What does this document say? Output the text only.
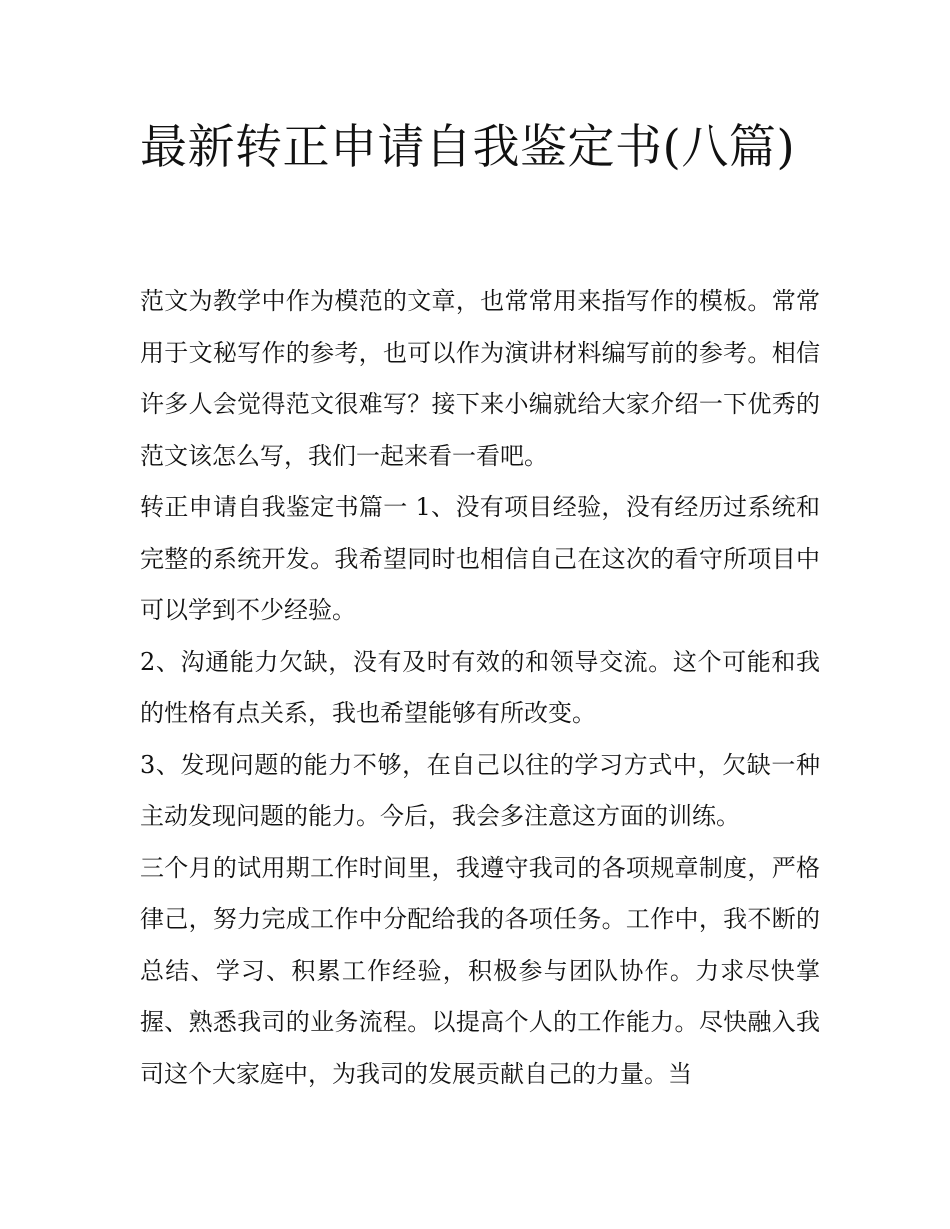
最新转正申请自我鉴定书(八篇)

范文为教学中作为模范的文章，也常常用来指写作的模板。常常用于文秘写作的参考，也可以作为演讲材料编写前的参考。相信许多人会觉得范文很难写？接下来小编就给大家介绍一下优秀的范文该怎么写，我们一起来看一看吧。

转正申请自我鉴定书篇一 1、没有项目经验，没有经历过系统和完整的系统开发。我希望同时也相信自己在这次的看守所项目中可以学到不少经验。

2、沟通能力欠缺，没有及时有效的和领导交流。这个可能和我的性格有点关系，我也希望能够有所改变。

3、发现问题的能力不够，在自己以往的学习方式中，欠缺一种主动发现问题的能力。今后，我会多注意这方面的训练。

三个月的试用期工作时间里，我遵守我司的各项规章制度，严格律己，努力完成工作中分配给我的各项任务。工作中，我不断的总结、学习、积累工作经验，积极参与团队协作。力求尽快掌握、熟悉我司的业务流程。以提高个人的工作能力。尽快融入我司这个大家庭中，为我司的发展贡献自己的力量。当
